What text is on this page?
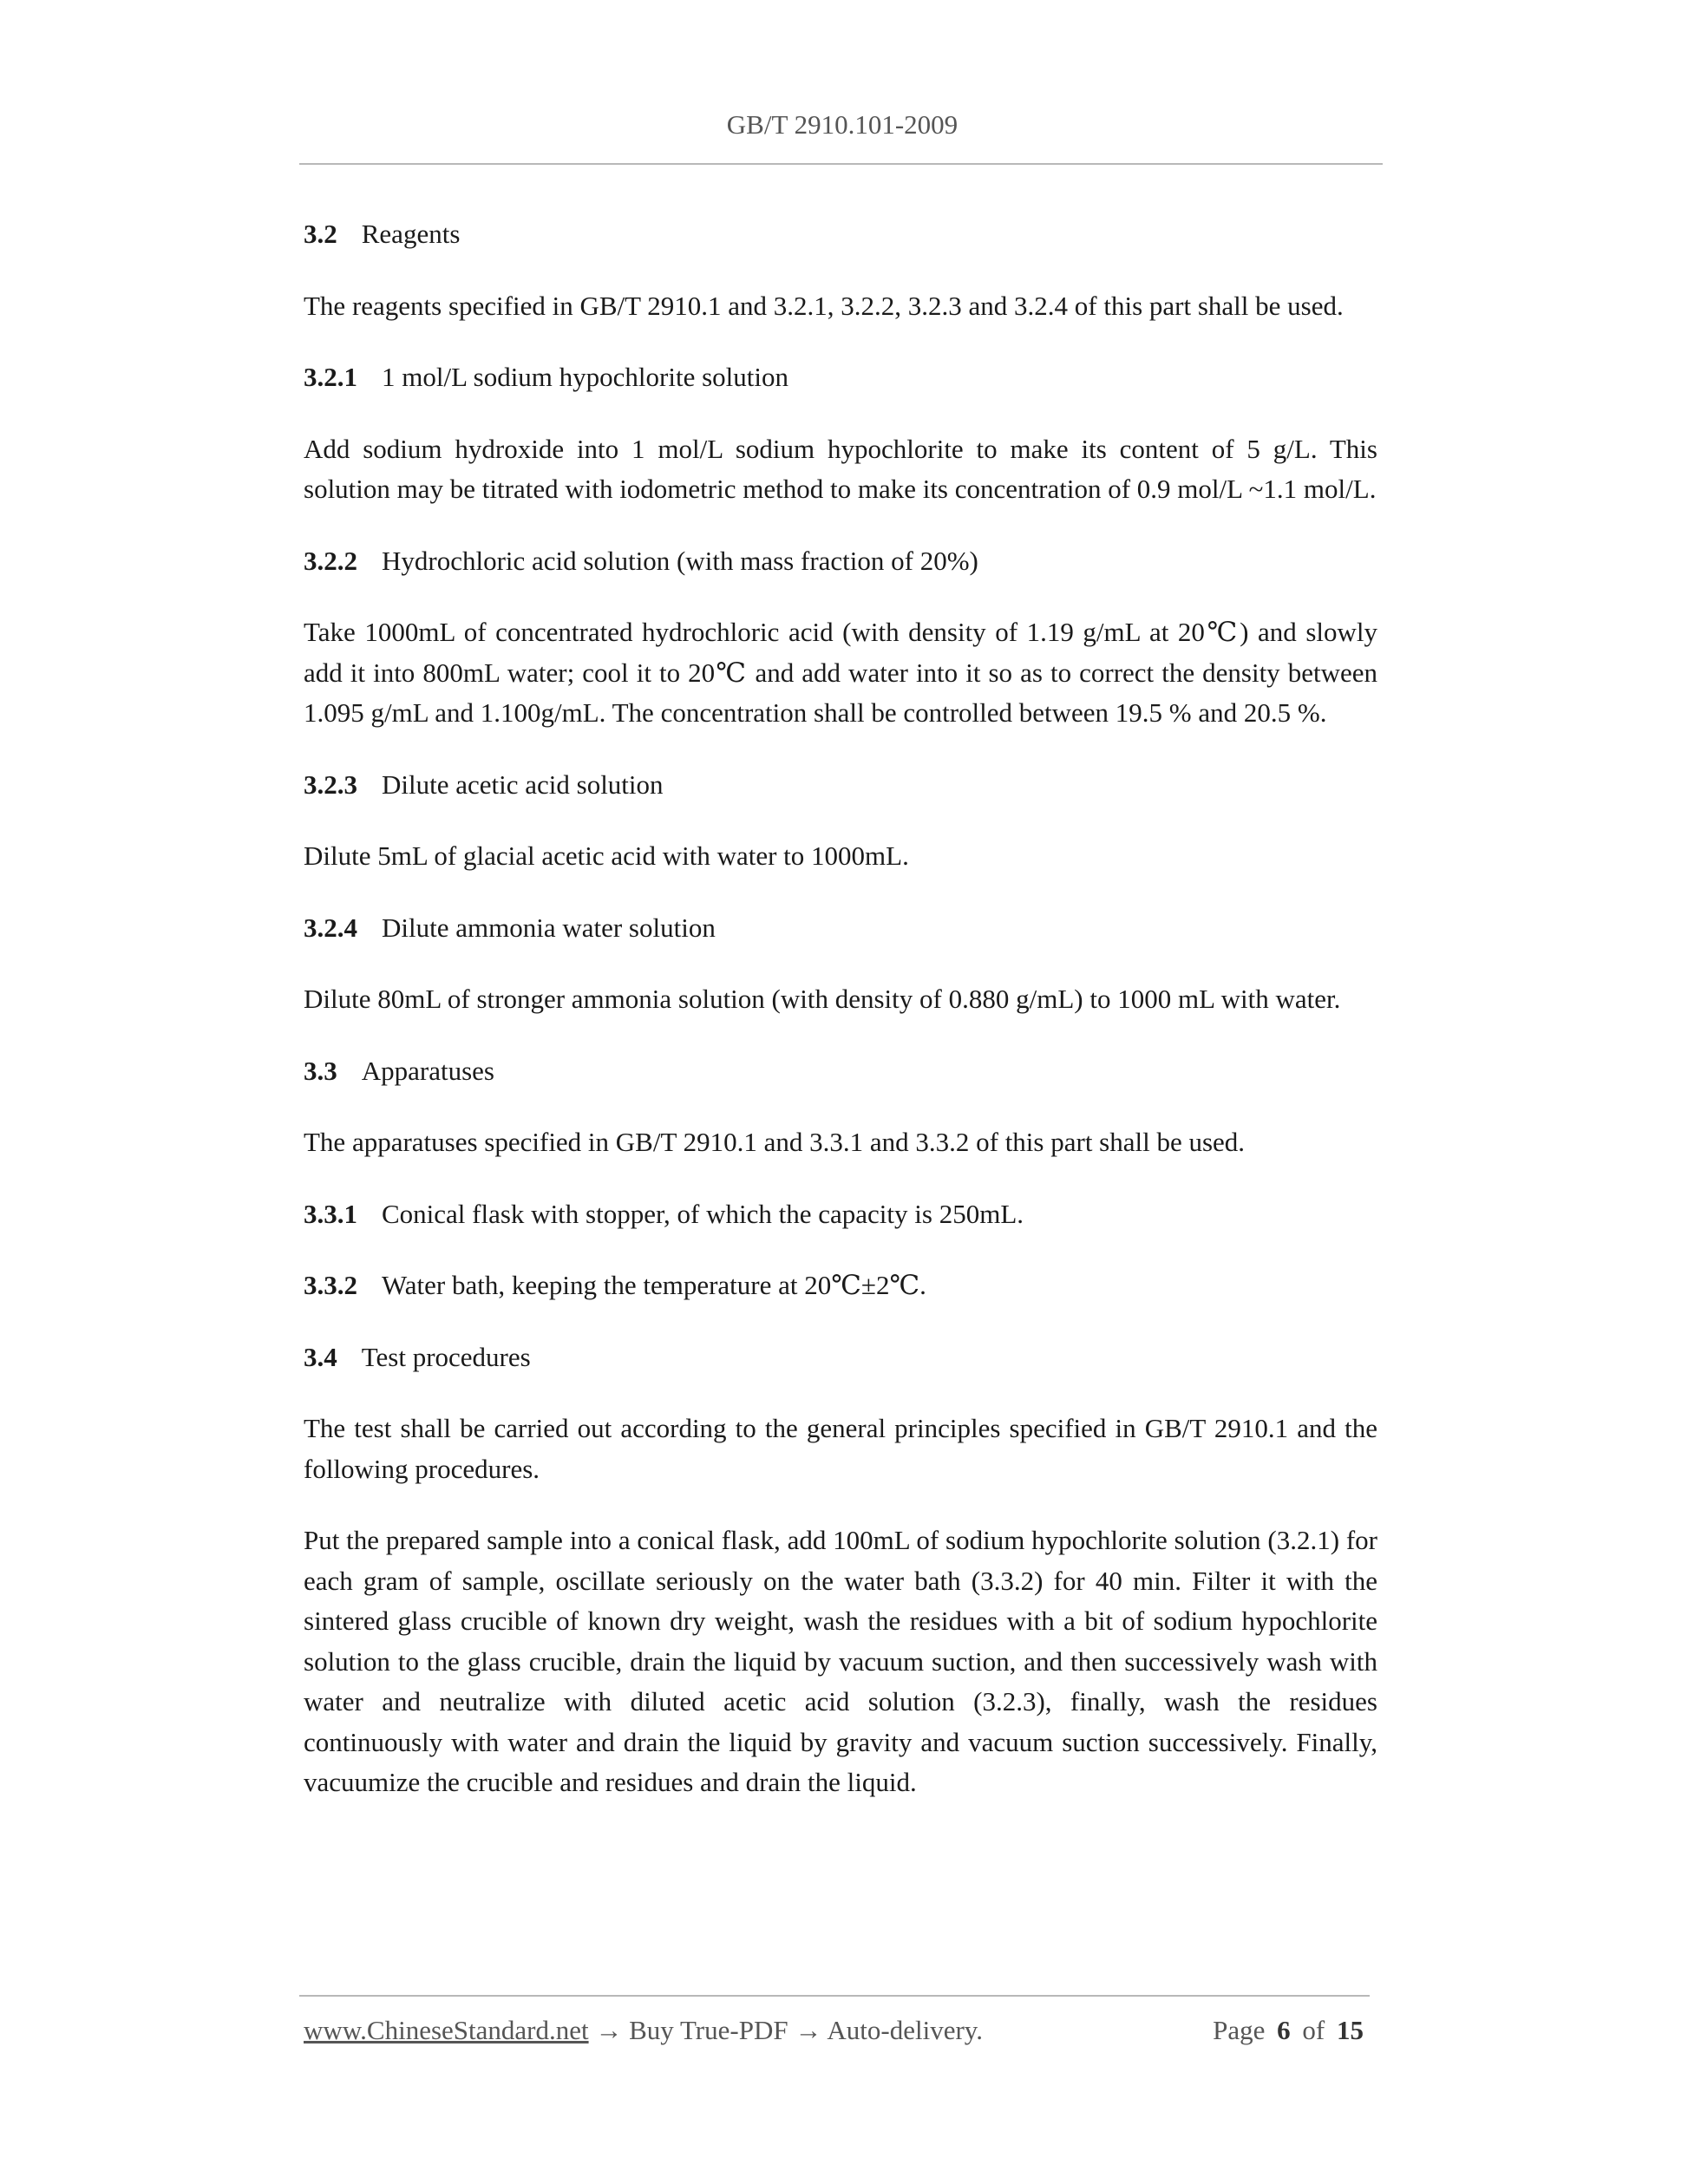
GB/T 2910.101-2009
3.2 Reagents
The reagents specified in GB/T 2910.1 and 3.2.1, 3.2.2, 3.2.3 and 3.2.4 of this part shall be used.
3.2.1 1 mol/L sodium hypochlorite solution
Add sodium hydroxide into 1 mol/L sodium hypochlorite to make its content of 5 g/L. This solution may be titrated with iodometric method to make its concentration of 0.9 mol/L ~1.1 mol/L.
3.2.2 Hydrochloric acid solution (with mass fraction of 20%)
Take 1000mL of concentrated hydrochloric acid (with density of 1.19 g/mL at 20℃) and slowly add it into 800mL water; cool it to 20℃ and add water into it so as to correct the density between 1.095 g/mL and 1.100g/mL. The concentration shall be controlled between 19.5 % and 20.5 %.
3.2.3 Dilute acetic acid solution
Dilute 5mL of glacial acetic acid with water to 1000mL.
3.2.4 Dilute ammonia water solution
Dilute 80mL of stronger ammonia solution (with density of 0.880 g/mL) to 1000 mL with water.
3.3 Apparatuses
The apparatuses specified in GB/T 2910.1 and 3.3.1 and 3.3.2 of this part shall be used.
3.3.1 Conical flask with stopper, of which the capacity is 250mL.
3.3.2 Water bath, keeping the temperature at 20℃±2℃.
3.4 Test procedures
The test shall be carried out according to the general principles specified in GB/T 2910.1 and the following procedures.
Put the prepared sample into a conical flask, add 100mL of sodium hypochlorite solution (3.2.1) for each gram of sample, oscillate seriously on the water bath (3.3.2) for 40 min. Filter it with the sintered glass crucible of known dry weight, wash the residues with a bit of sodium hypochlorite solution to the glass crucible, drain the liquid by vacuum suction, and then successively wash with water and neutralize with diluted acetic acid solution (3.2.3), finally, wash the residues continuously with water and drain the liquid by gravity and vacuum suction successively. Finally, vacuumize the crucible and residues and drain the liquid.
www.ChineseStandard.net → Buy True-PDF → Auto-delivery.	Page 6 of 15
